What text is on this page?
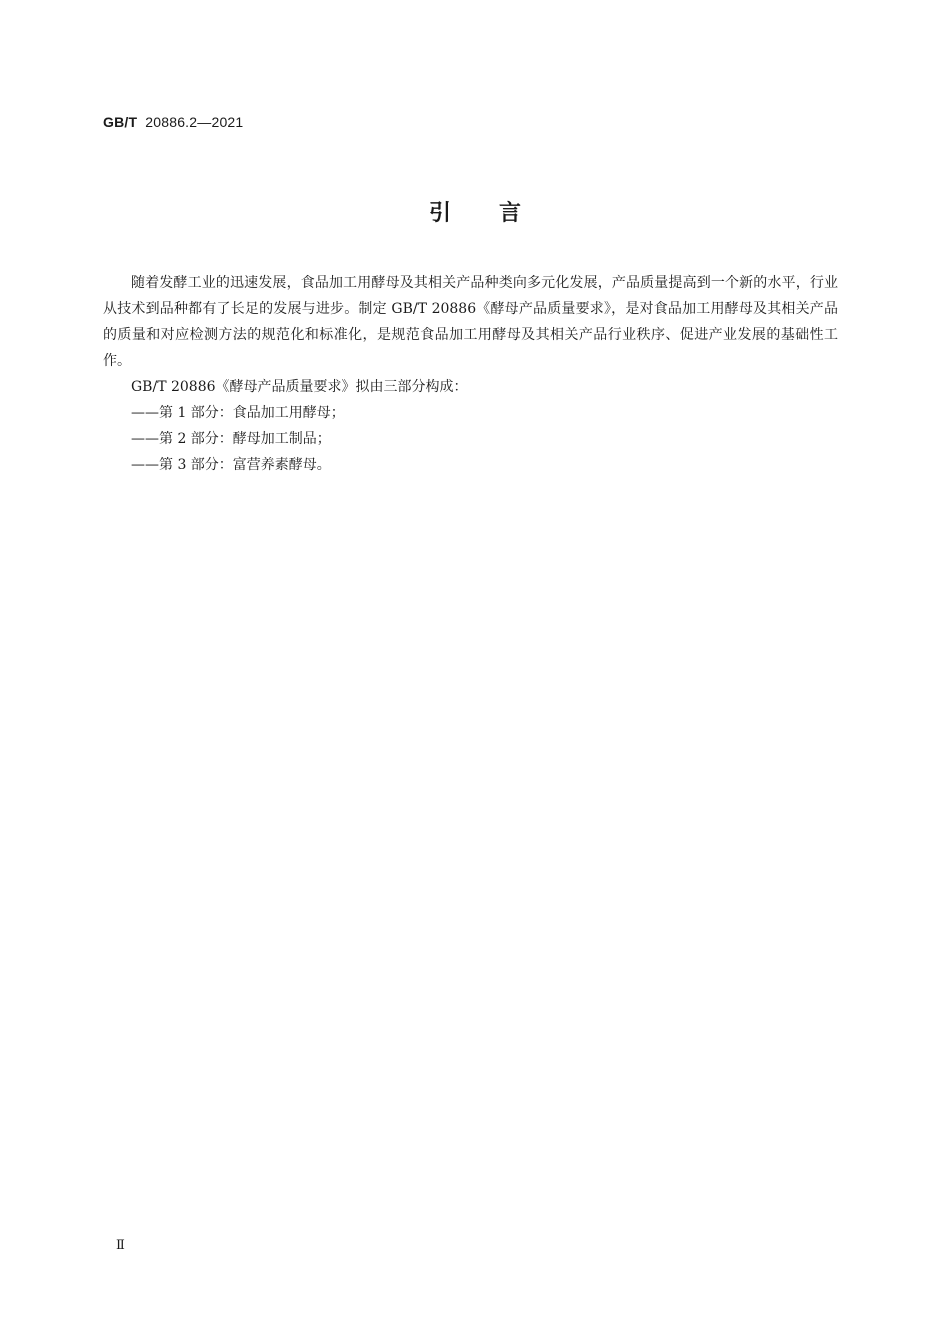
GB/T 20886.2—2021
引言

随着发酵工业的迅速发展，食品加工用酵母及其相关产品种类向多元化发展，产品质量提高到一个新的水平，行业从技术到品种都有了长足的发展与进步。制定 GB/T 20886《酵母产品质量要求》，是对食品加工用酵母及其相关产品的质量和对应检测方法的规范化和标准化，是规范食品加工用酵母及其相关产品行业秩序、促进产业发展的基础性工作。

GB/T 20886《酵母产品质量要求》拟由三部分构成：

——第 1 部分：食品加工用酵母；
——第 2 部分：酵母加工制品；
——第 3 部分：富营养素酵母。
Ⅱ
